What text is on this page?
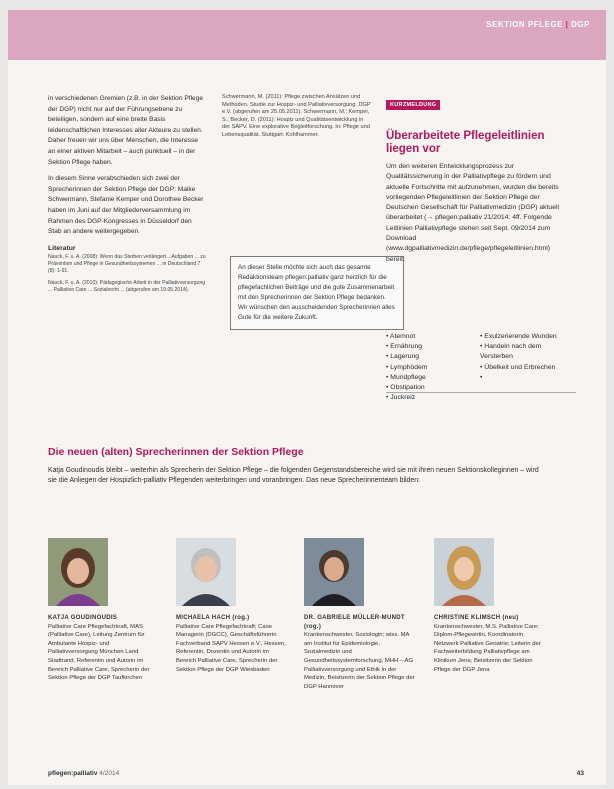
SEKTION PFLEGE | DGP

in verschiedenen Gremien (z.B. in der Sektion Pflege der DGP) nicht nur auf der Führungsebene zu beteiligen, sondern auf eine breite Basis leidenschaftlichen Interesses aller Akteure zu stellen. Daher freuen wir uns über Menschen, die Interesse an einer aktiven Mitarbeit – auch punktuell – in der Sektion Pflege haben.

In diesem Sinne verabschieden sich zwei der Sprecherinnen der Sektion Pflege der DGP: Maike Schwermann, Stefanie Kemper und Dorothee Becker haben im Juni auf der Mitgliederversammlung im Rahmen des DGP-Kongresses in Düsseldorf den Stab an andere weitergegeben.

Literatur
Nauck, F. u. A. (2008): Wenn das Sterben verlängert... Aufgaben ... zu Prävention und Pflege in Gesundheitssystemen ... in Deutschland 7 (8): 1-91.
Nauck, F. u. A. (2010): Pädagogische Arbeit in der Palliativversorgung ... Palliative Care ... Sozialrecht ... (abgerufen am 19.05.2014).
Schwermann, M. (2011): Pflege zwischen Ansätzen und Methoden. Studie zur Hospiz- und Palliativversorgung. DGP e.V. (abgerufen am 25.05.2011). Schwermann, M.; Kemper, S.; Becker, D. (2011): Hospiz und Qualitätsentwicklung in der SAPV. Eine explorative Begleitforschung. In: Pflege und Lebensqualität. Stuttgart: Kohlhammer.
An dieser Stelle möchte sich auch das gesamte Redaktionsteam pflegen:palliativ ganz herzlich für die pflegefachlichen Beiträge und die gute Zusammenarbeit mit den Sprecherinnen der Sektion Pflege bedanken. Wir wünschen den ausscheidenden Sprecherinnen alles Gute für die weitere Zukunft.
KURZMELDUNG
Überarbeitete Pflegeleitlinien liegen vor
Um den weiteren Entwicklungsprozess zur Qualitätssicherung in der Palliativpflege zu fördern und aktuelle Fortschritte mit aufzunehmen, wurden die bereits vorliegenden Pflegeleitlinien der Sektion Pflege der Deutschen Gesellschaft für Palliativmedizin (DGP) aktuell überarbeitet (→ pflegen:palliativ 21/2014: 4ff. Folgende Leitlinien Palliativpflege stehen seit Sept. 09/2014 zum Download (www.dgpalliativmedizin.de/pflege/pflegeleitlinien.html) bereit:
• Atemnot
• Ernährung
• Lagerung
• Lymphödem
• Mundpflege
• Obstipation
• Juckreiz
• Exulzerierende Wunden
• Handeln nach dem Versterben
• Übelkeit und Erbrechen
•
Die neuen (alten) Sprecherinnen der Sektion Pflege
Katja Goudinoudis bleibt – weiterhin als Sprecherin der Sektion Pflege – die folgenden Gegenstandsbereiche wird sie mit ihren neuen Sektionskolleginnen – wird sie die Anliegen der Hospizlich-palliativ Pflegenden weiterbringen und voranbringen. Das neue Sprecherinnenteam bilden:
KATJA GOUDINOUDIS
Palliative Care Pflegefachkraft, MAS (Palliative Care), Leitung Zentrum für Ambulante Hospiz- und Palliativversorgung München Land Stadtrand, Referentin und Autorin im Bereich Palliative Care, Sprecherin der Sektion Pflege der DGP Taufkirchen
MICHAELA HACH (rog.)
Palliative Care Pflegefachkraft; Case Managerin (DGCC), Geschäftsführerin Fachverband SAPV Hessen e.V., Hessen, Referentin, Dozentin und Autorin im Bereich Palliative Care, Sprecherin der Sektion Pflege der DGP Wiesbaden
DR. GABRIELE MÜLLER-MUNDT (rog.)
Krankenschwester, Soziologin; wiss. MA am Institut für Epidemiologie, Sozialmedizin und Gesundheitssystemforschung, MHH – AG Palliativversorgung und Ethik in der Medizin, Beisitzerin der Sektion Pflege der DGP Hannover
CHRISTINE KLIMSCH (neu)
Krankenschwester, M.S. Palliative Care; Diplom-Pflegewirtin, Koordinatorin Netzwerk Palliative Geriatrie; Leiterin der Fachweiterbildung Palliativpflege am Klinikum Jena; Beisitzerin der Sektion Pflege der DGP Jena
pflegen:palliativ 4/2014	43
